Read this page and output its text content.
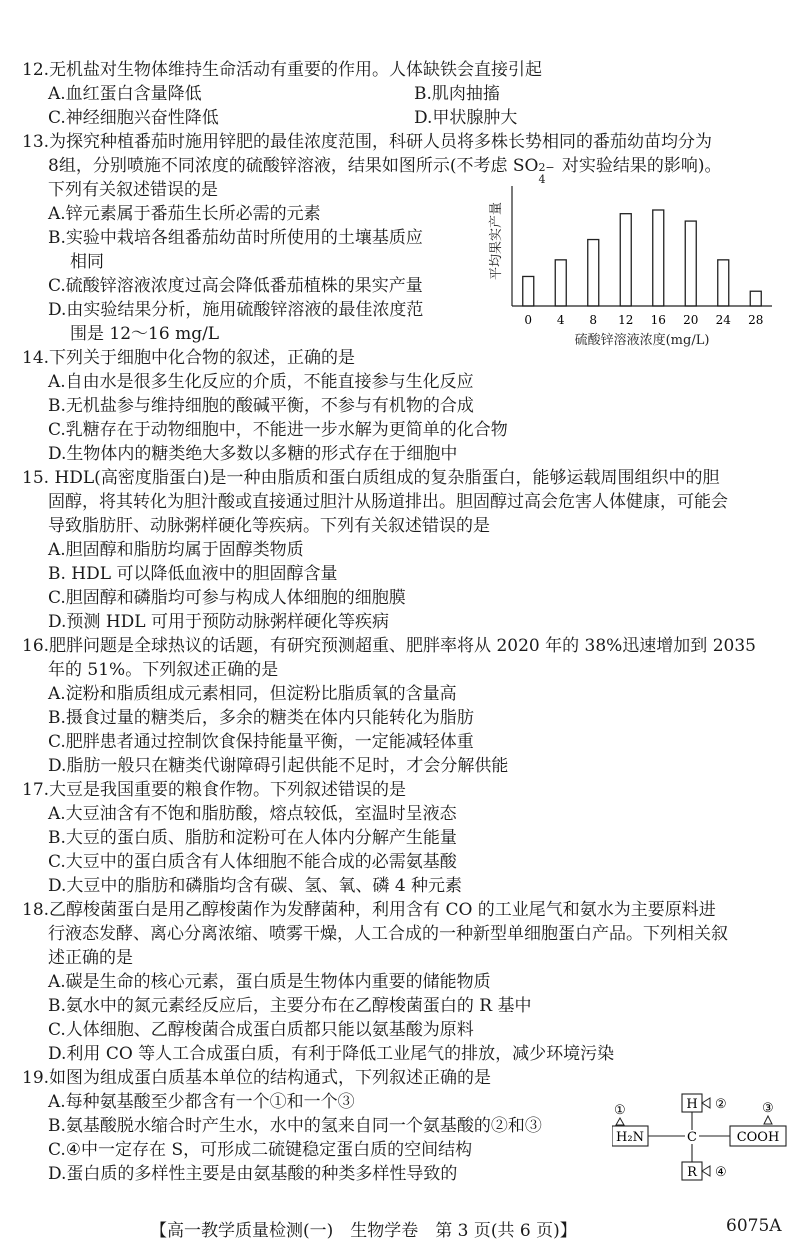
12.无机盐对生物体维持生命活动有重要的作用。人体缺铁会直接引起
A.血红蛋白含量降低	B.肌肉抽搐
C.神经细胞兴奋性降低	D.甲状腺肿大
13.为探究种植番茄时施用锌肥的最佳浓度范围，科研人员将多株长势相同的番茄幼苗均分为
8组，分别喷施不同浓度的硫酸锌溶液，结果如图所示(不考虑 SO 2−
4
对实验结果的影响)。
下列有关叙述错误的是
A.锌元素属于番茄生长所必需的元素
B.实验中栽培各组番茄幼苗时所使用的土壤基质应
相同
C.硫酸锌溶液浓度过高会降低番茄植株的果实产量
D.由实验结果分析，施用硫酸锌溶液的最佳浓度范
围是 12～16 mg/L
0 4 8 12 16 20 24 28
平均果实产量
硫酸锌溶液浓度(mg/L)
14.下列关于细胞中化合物的叙述，正确的是
A.自由水是很多生化反应的介质，不能直接参与生化反应
B.无机盐参与维持细胞的酸碱平衡，不参与有机物的合成
C.乳糖存在于动物细胞中，不能进一步水解为更简单的化合物
D.生物体内的糖类绝大多数以多糖的形式存在于细胞中
15. HDL(高密度脂蛋白)是一种由脂质和蛋白质组成的复杂脂蛋白，能够运载周围组织中的胆
固醇，将其转化为胆汁酸或直接通过胆汁从肠道排出。胆固醇过高会危害人体健康，可能会
导致脂肪肝、动脉粥样硬化等疾病。下列有关叙述错误的是
A.胆固醇和脂肪均属于固醇类物质
B. HDL 可以降低血液中的胆固醇含量
C.胆固醇和磷脂均可参与构成人体细胞的细胞膜
D.预测 HDL 可用于预防动脉粥样硬化等疾病
16.肥胖问题是全球热议的话题，有研究预测超重、肥胖率将从 2020 年的 38%迅速增加到 2035
年的 51%。下列叙述正确的是
A.淀粉和脂质组成元素相同，但淀粉比脂质氧的含量高
B.摄食过量的糖类后，多余的糖类在体内只能转化为脂肪
C.肥胖患者通过控制饮食保持能量平衡，一定能减轻体重
D.脂肪一般只在糖类代谢障碍引起供能不足时，才会分解供能
17.大豆是我国重要的粮食作物。下列叙述错误的是
A.大豆油含有不饱和脂肪酸，熔点较低，室温时呈液态
B.大豆的蛋白质、脂肪和淀粉可在人体内分解产生能量
C.大豆中的蛋白质含有人体细胞不能合成的必需氨基酸
D.大豆中的脂肪和磷脂均含有碳、氢、氧、磷 4 种元素
18.乙醇梭菌蛋白是用乙醇梭菌作为发酵菌种，利用含有 CO 的工业尾气和氨水为主要原料进
行液态发酵、离心分离浓缩、喷雾干燥，人工合成的一种新型单细胞蛋白产品。下列相关叙
述正确的是
A.碳是生命的核心元素，蛋白质是生物体内重要的储能物质
B.氨水中的氮元素经反应后，主要分布在乙醇梭菌蛋白的 R 基中
C.人体细胞、乙醇梭菌合成蛋白质都只能以氨基酸为原料
D.利用 CO 等人工合成蛋白质，有利于降低工业尾气的排放，减少环境污染
19.如图为组成蛋白质基本单位的结构通式，下列叙述正确的是
A.每种氨基酸至少都含有一个①和一个③
B.氨基酸脱水缩合时产生水，水中的氢来自同一个氨基酸的②和③
C.④中一定存在 S，可形成二硫键稳定蛋白质的空间结构
D.蛋白质的多样性主要是由氨基酸的种类多样性导致的
H ②
①
H₂N	C
③
COOH
R ④
【高一教学质量检测(一)　生物学卷　第 3 页(共 6 页)】	6075A
